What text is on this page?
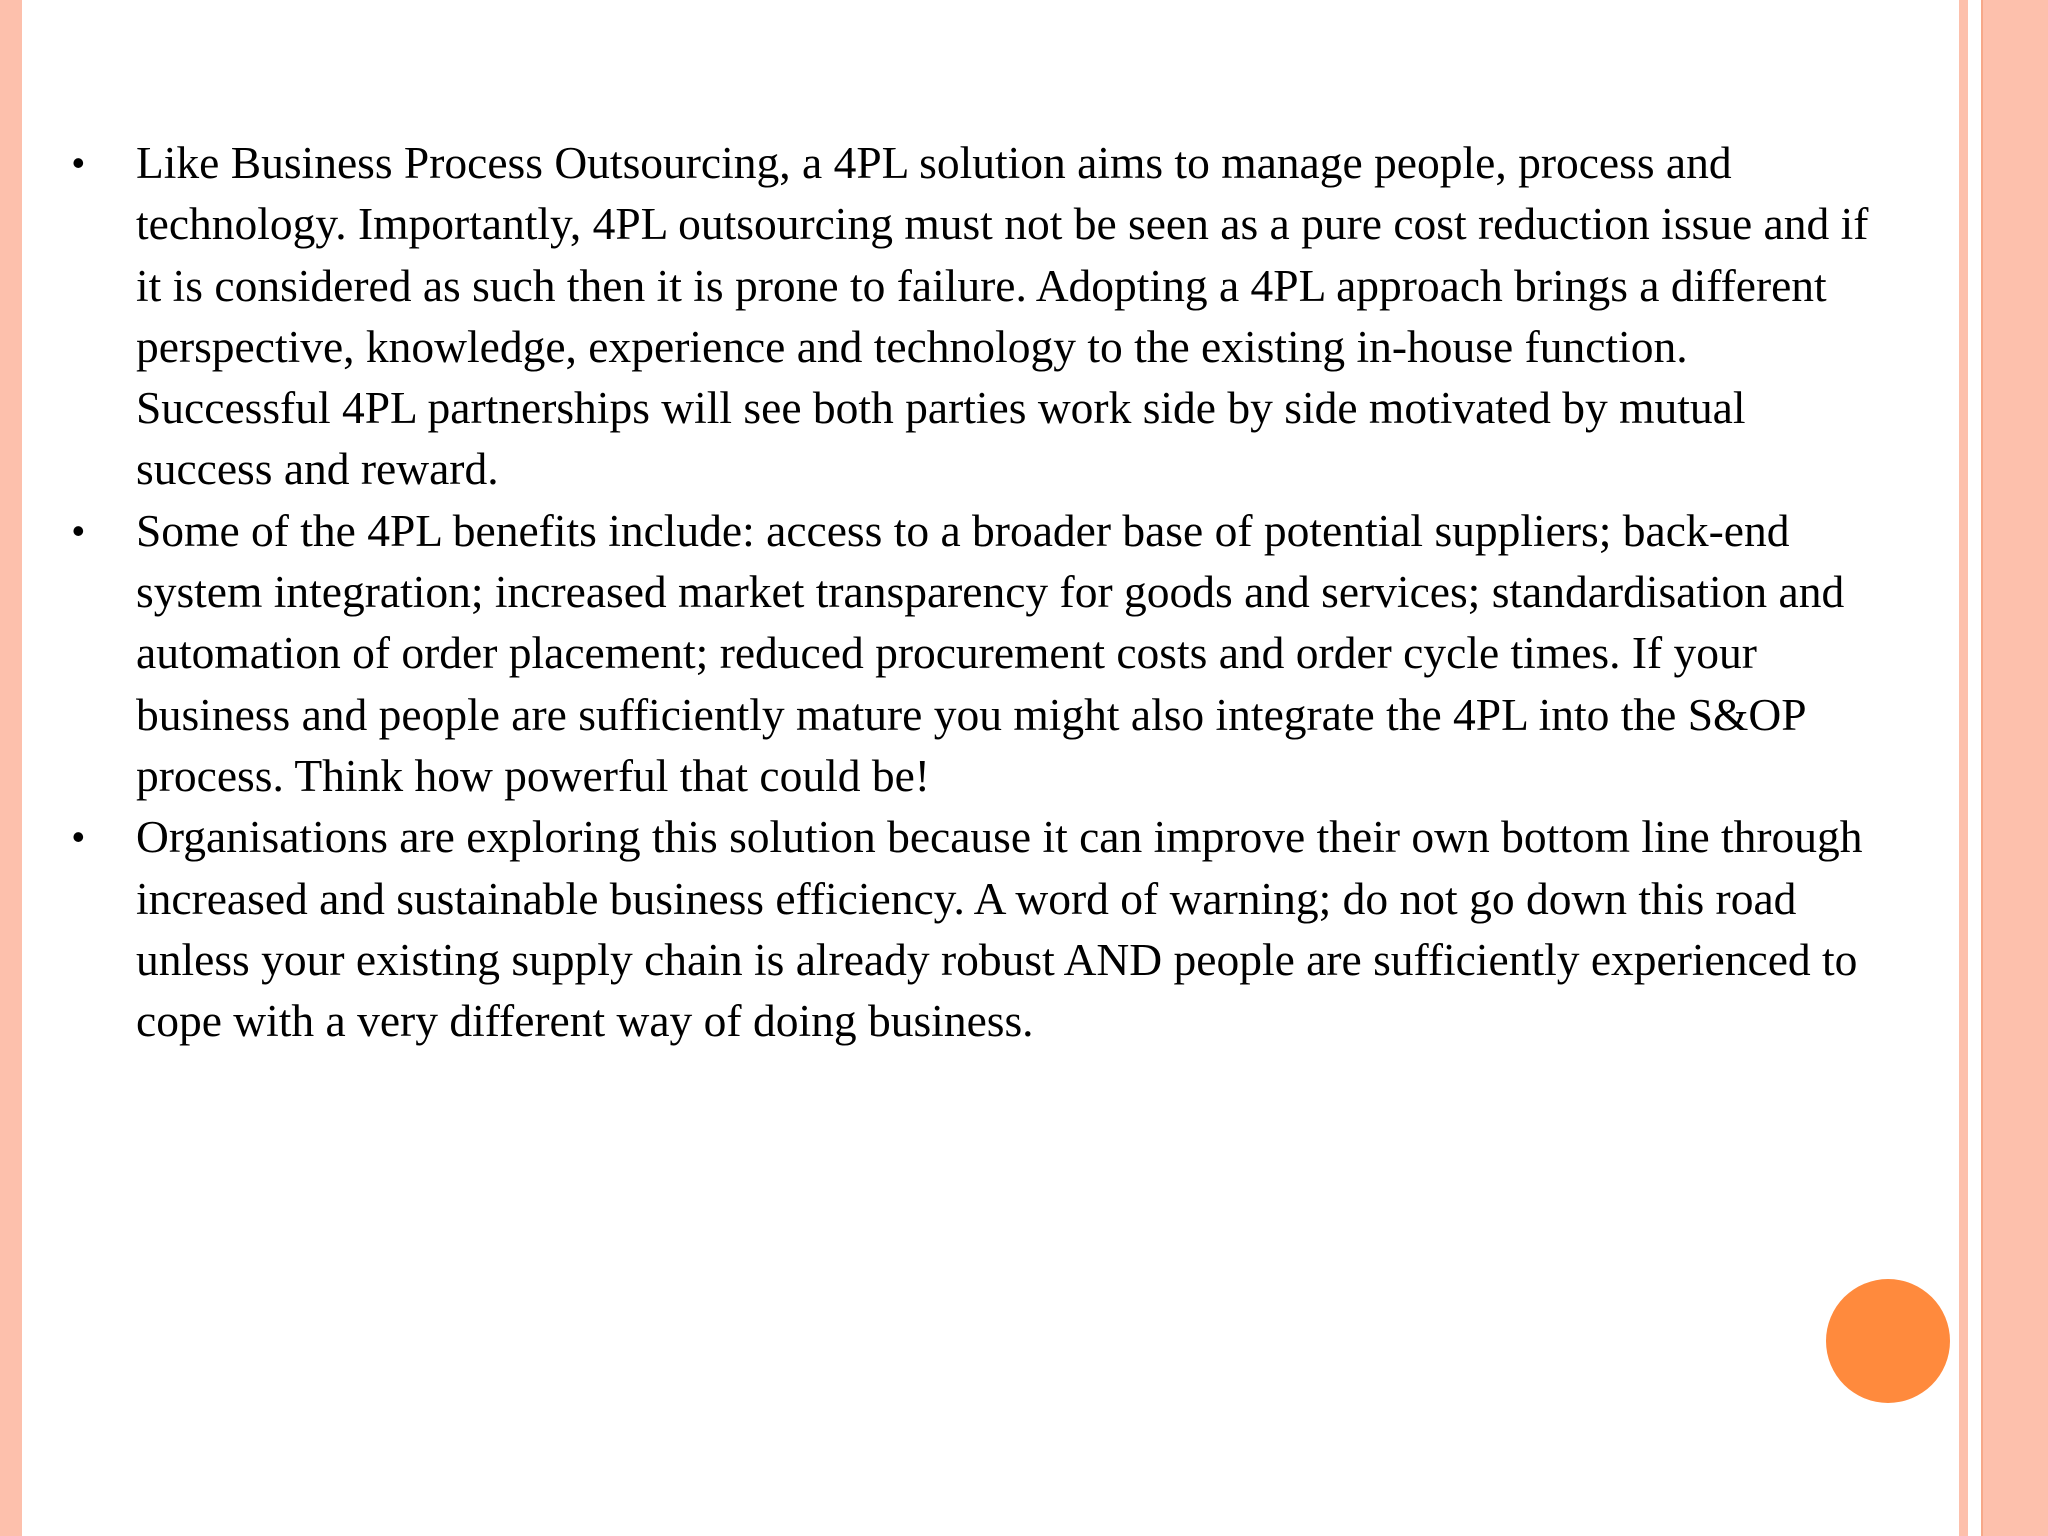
• Like Business Process Outsourcing, a 4PL solution aims to manage people, process and technology. Importantly, 4PL outsourcing must not be seen as a pure cost reduction issue and if it is considered as such then it is prone to failure. Adopting a 4PL approach brings a different perspective, knowledge, experience and technology to the existing in-house function. Successful 4PL partnerships will see both parties work side by side motivated by mutual success and reward.
• Some of the 4PL benefits include: access to a broader base of potential suppliers; back-end system integration; increased market transparency for goods and services; standardisation and automation of order placement; reduced procurement costs and order cycle times. If your business and people are sufficiently mature you might also integrate the 4PL into the S&OP process. Think how powerful that could be!
• Organisations are exploring this solution because it can improve their own bottom line through increased and sustainable business efficiency. A word of warning; do not go down this road unless your existing supply chain is already robust AND people are sufficiently experienced to cope with a very different way of doing business.
